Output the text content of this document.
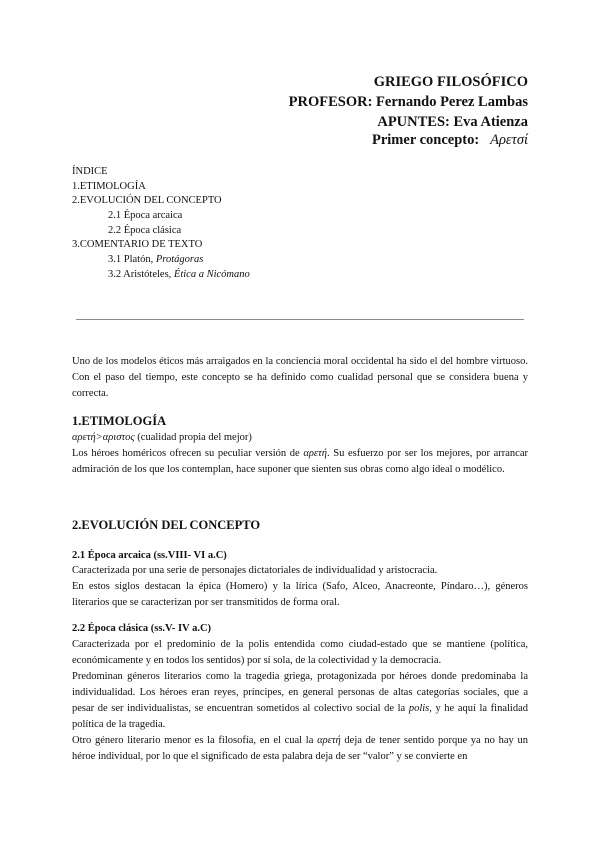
GRIEGO FILOSÓFICO
PROFESOR: Fernando Perez Lambas
APUNTES: Eva Atienza
Primer concepto: Αρετσί
ÍNDICE
1.ETIMOLOGÍA
2.EVOLUCIÓN DEL CONCEPTO
2.1 Época arcaica
2.2 Época clásica
3.COMENTARIO DE TEXTO
3.1 Platón, Protágoras
3.2 Aristóteles, Ética a Nicómano
Uno de los modelos éticos más arraigados en la conciencia moral occidental ha sido el del hombre virtuoso. Con el paso del tiempo, este concepto se ha definido como cualidad personal que se considera buena y correcta.
1.ETIMOLOGÍA
αρετή>αριστος (cualidad propia del mejor)
Los héroes homéricos ofrecen su peculiar versión de αρετή. Su esfuerzo por ser los mejores, por arrancar admiración de los que los contemplan, hace suponer que sienten sus obras como algo ideal o modélico.
2.EVOLUCIÓN DEL CONCEPTO
2.1 Época arcaica (ss.VIII- VI a.C)
Caracterizada por una serie de personajes dictatoriales de individualidad y aristocracia.
En estos siglos destacan la épica (Homero) y la lírica (Safo, Alceo, Anacreonte, Píndaro…), géneros literarios que se caracterizan por ser transmitidos de forma oral.
2.2 Época clásica (ss.V- IV a.C)
Caracterizada por el predominio de la polis entendida como ciudad-estado que se mantiene (política, económicamente y en todos los sentidos) por sí sola, de la colectividad y la democracia.
Predominan géneros literarios como la tragedia griega, protagonizada por héroes donde predominaba la individualidad. Los héroes eran reyes, príncipes, en general personas de altas categorías sociales, que a pesar de ser individualistas, se encuentran sometidos al colectivo social de la polis, y he aquí la finalidad política de la tragedia.
Otro género literario menor es la filosofía, en el cual la αρετή deja de tener sentido porque ya no hay un héroe individual, por lo que el significado de esta palabra deja de ser “valor” y se convierte en
